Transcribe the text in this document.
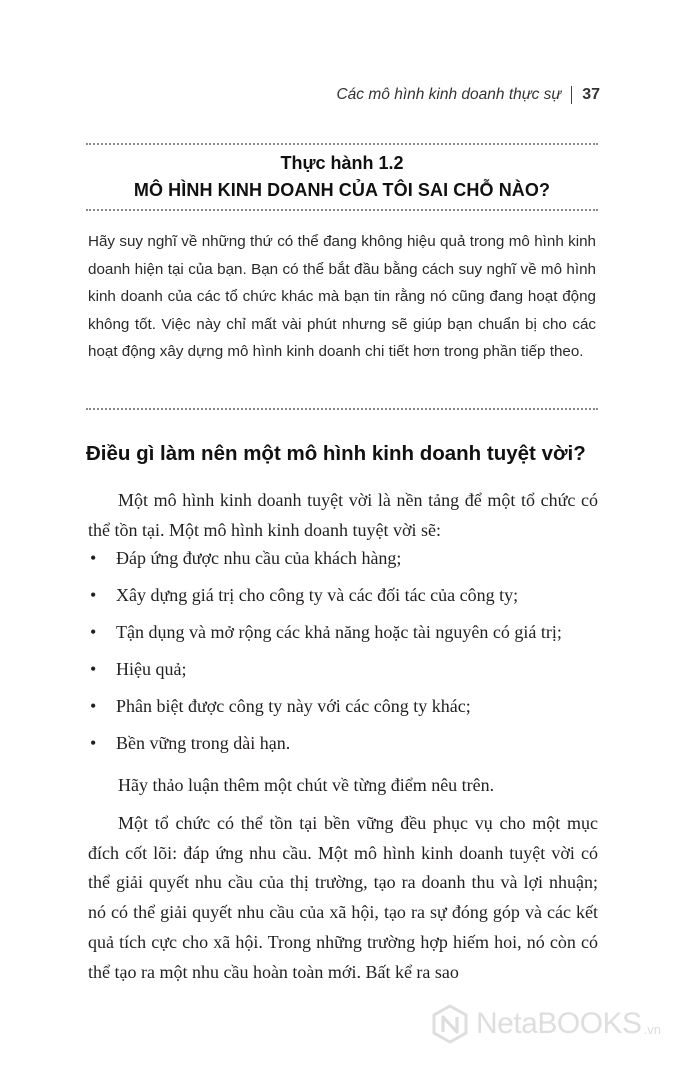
Các mô hình kinh doanh thực sự 37
Thực hành 1.2
MÔ HÌNH KINH DOANH CỦA TÔI SAI CHỖ NÀO?

Hãy suy nghĩ về những thứ có thể đang không hiệu quả trong mô hình kinh doanh hiện tại của bạn. Bạn có thể bắt đầu bằng cách suy nghĩ về mô hình kinh doanh của các tổ chức khác mà bạn tin rằng nó cũng đang hoạt động không tốt. Việc này chỉ mất vài phút nhưng sẽ giúp bạn chuẩn bị cho các hoạt động xây dựng mô hình kinh doanh chi tiết hơn trong phần tiếp theo.

Điều gì làm nên một mô hình kinh doanh tuyệt vời?

Một mô hình kinh doanh tuyệt vời là nền tảng để một tổ chức có thể tồn tại. Một mô hình kinh doanh tuyệt vời sẽ:

• Đáp ứng được nhu cầu của khách hàng;
• Xây dựng giá trị cho công ty và các đối tác của công ty;
• Tận dụng và mở rộng các khả năng hoặc tài nguyên có giá trị;
• Hiệu quả;
• Phân biệt được công ty này với các công ty khác;
• Bền vững trong dài hạn.

Hãy thảo luận thêm một chút về từng điểm nêu trên.

Một tổ chức có thể tồn tại bền vững đều phục vụ cho một mục đích cốt lõi: đáp ứng nhu cầu. Một mô hình kinh doanh tuyệt vời có thể giải quyết nhu cầu của thị trường, tạo ra doanh thu và lợi nhuận; nó có thể giải quyết nhu cầu của xã hội, tạo ra sự đóng góp và các kết quả tích cực cho xã hội. Trong những trường hợp hiếm hoi, nó còn có thể tạo ra một nhu cầu hoàn toàn mới. Bất kể ra sao

NetaBOOKS .vn
